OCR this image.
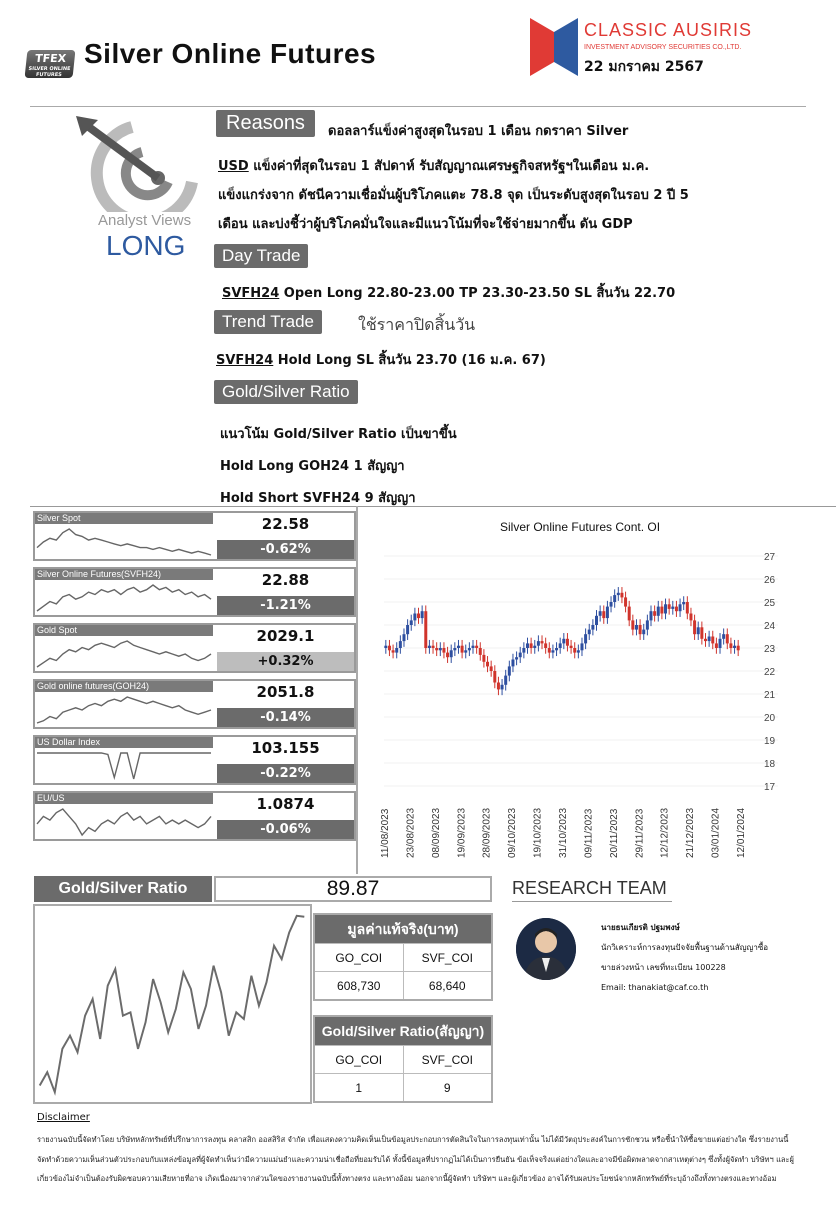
TFEX
SILVER ONLINE FUTURES
Silver Online Futures
CLASSIC AUSIRIS
INVESTMENT ADVISORY SECURITIES CO.,LTD.
22 มกราคม 2567
Analyst Views
LONG
Reasons	ดอลลาร์แข็งค่าสูงสุดในรอบ 1 เดือน กดราคา Silver
USD แข็งค่าที่สุดในรอบ 1 สัปดาห์ รับสัญญาณเศรษฐกิจสหรัฐฯในเดือน ม.ค.
แข็งแกร่งจาก ดัชนีความเชื่อมั่นผู้บริโภคแตะ 78.8 จุด เป็นระดับสูงสุดในรอบ 2 ปี 5
เดือน และบ่งชี้ว่าผู้บริโภคมั่นใจและมีแนวโน้มที่จะใช้จ่ายมากขึ้น ดัน GDP
Day Trade
SVFH24 Open Long 22.80-23.00 TP 23.30-23.50 SL สิ้นวัน 22.70
Trend Trade	ใช้ราคาปิดสิ้นวัน
SVFH24 Hold Long SL สิ้นวัน 23.70 (16 ม.ค. 67)
Gold/Silver Ratio
แนวโน้ม Gold/Silver Ratio เป็นขาขึ้น
Hold Long GOH24 1 สัญญา
Hold Short SVFH24 9 สัญญา
Silver Spot	22.58
-0.62%
Silver Online Futures(SVFH24)	22.88
-1.21%
Gold Spot	2029.1
+0.32%
Gold online futures(GOH24)	2051.8
-0.14%
US Dollar Index	103.155
-0.22%
EU/US	1.0874
-0.06%
Silver Online Futures Cont. OI
27
26
25
24
23
22
21
20
19
18
17
11/08/2023 23/08/2023 08/09/2023 19/09/2023 28/09/2023 09/10/2023 19/10/2023 31/10/2023 09/11/2023 20/11/2023 29/11/2023 12/12/2023 21/12/2023 03/01/2024 12/01/2024
Gold/Silver Ratio	89.87
มูลค่าแท้จริง(บาท)
GO_COI	SVF_COI
608,730	68,640
Gold/Silver Ratio(สัญญา)
GO_COI	SVF_COI
1	9
RESEARCH TEAM
นายธนเกียรติ ปฐมพงษ์
นักวิเคราะห์การลงทุนปัจจัยพื้นฐานด้านสัญญาซื้อ
ขายล่วงหน้า เลขที่ทะเบียน 100228
Email: thanakiat@caf.co.th
Disclaimer
รายงานฉบับนี้จัดทำโดย บริษัทหลักทรัพย์ที่ปรึกษาการลงทุน คลาสสิก ออสสิริส จำกัด เพื่อแสดงความคิดเห็นเป็นข้อมูลประกอบการตัดสินใจในการลงทุนเท่านั้น ไม่ได้มีวัตถุประสงค์ในการชักชวน หรือชี้นำให้ซื้อขายแต่อย่างใด ซึ่งรายงานนี้ จัดทำด้วยความเห็นส่วนตัวประกอบกับแหล่งข้อมูลที่ผู้จัดทำเห็นว่ามีความแม่นยำและความน่าเชื่อถือที่ยอมรับได้ ทั้งนี้ข้อมูลที่ปรากฏไม่ได้เป็นการยืนยัน ข้อเท็จจริงแต่อย่างใดและอาจมีข้อผิดพลาดจากสาเหตุต่างๆ ซึ่งทั้งผู้จัดทำ บริษัทฯ และผู้เกี่ยวข้องไม่จำเป็นต้องรับผิดชอบความเสียหายที่อาจ เกิดเนื่องมาจากส่วนใดของรายงานฉบับนี้ทั้งทางตรง และทางอ้อม นอกจากนี้ผู้จัดทำ บริษัทฯ และผู้เกี่ยวข้อง อาจได้รับผลประโยชน์จากหลักทรัพย์ที่ระบุอ้างถึงทั้งทางตรงและทางอ้อม
